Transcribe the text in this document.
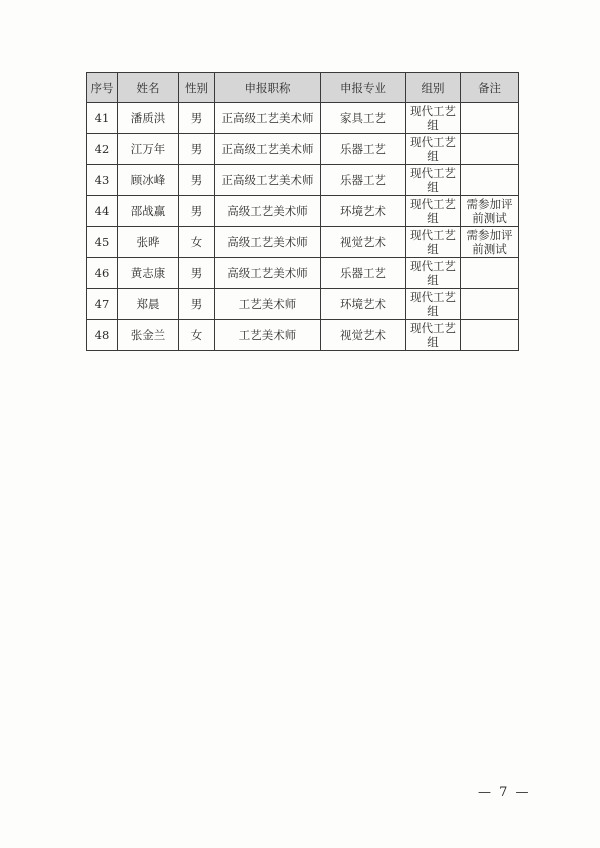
序号	姓名	性别	申报职称	申报专业	组别	备注
41	潘质洪	男	正高级工艺美术师	家具工艺	现代工艺组	
42	江万年	男	正高级工艺美术师	乐器工艺	现代工艺组	
43	顾冰峰	男	正高级工艺美术师	乐器工艺	现代工艺组	
44	邵战赢	男	高级工艺美术师	环境艺术	现代工艺组	需参加评前测试
45	张晔	女	高级工艺美术师	视觉艺术	现代工艺组	需参加评前测试
46	黄志康	男	高级工艺美术师	乐器工艺	现代工艺组	
47	郑晨	男	工艺美术师	环境艺术	现代工艺组	
48	张金兰	女	工艺美术师	视觉艺术	现代工艺组	
— 7 —
